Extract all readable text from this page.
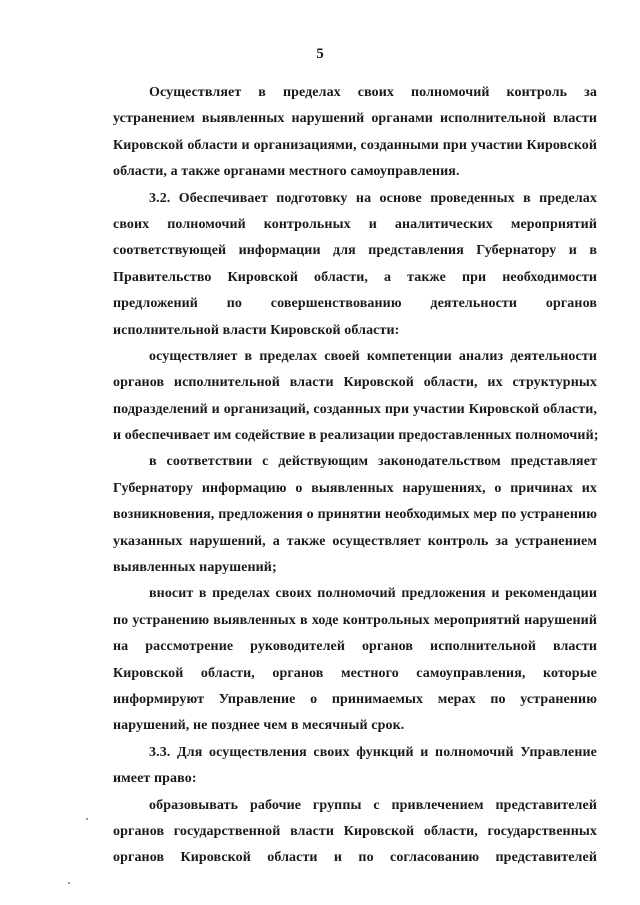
5
Осуществляет в пределах своих полномочий контроль за
устранением выявленных нарушений органами исполнительной власти
Кировской области и организациями, созданными при участии Кировской
области, а также органами местного самоуправления.
3.2. Обеспечивает подготовку на основе проведенных в пределах
своих полномочий контрольных и аналитических мероприятий
соответствующей информации для представления Губернатору и в
Правительство Кировской области, а также при необходимости
предложений по совершенствованию деятельности органов
исполнительной власти Кировской области:
осуществляет в пределах своей компетенции анализ деятельности
органов исполнительной власти Кировской области, их структурных
подразделений и организаций, созданных при участии Кировской области,
и обеспечивает им содействие в реализации предоставленных полномочий;
в соответствии с действующим законодательством представляет
Губернатору информацию о выявленных нарушениях, о причинах их
возникновения, предложения о принятии необходимых мер по устранению
указанных нарушений, а также осуществляет контроль за устранением
выявленных нарушений;
вносит в пределах своих полномочий предложения и рекомендации
по устранению выявленных в ходе контрольных мероприятий нарушений
на рассмотрение руководителей органов исполнительной власти
Кировской области, органов местного самоуправления, которые
информируют Управление о принимаемых мерах по устранению
нарушений, не позднее чем в месячный срок.
3.3. Для осуществления своих функций и полномочий Управление
имеет право:
образовывать рабочие группы с привлечением представителей
органов государственной власти Кировской области, государственных
органов Кировской области и по согласованию представителей
